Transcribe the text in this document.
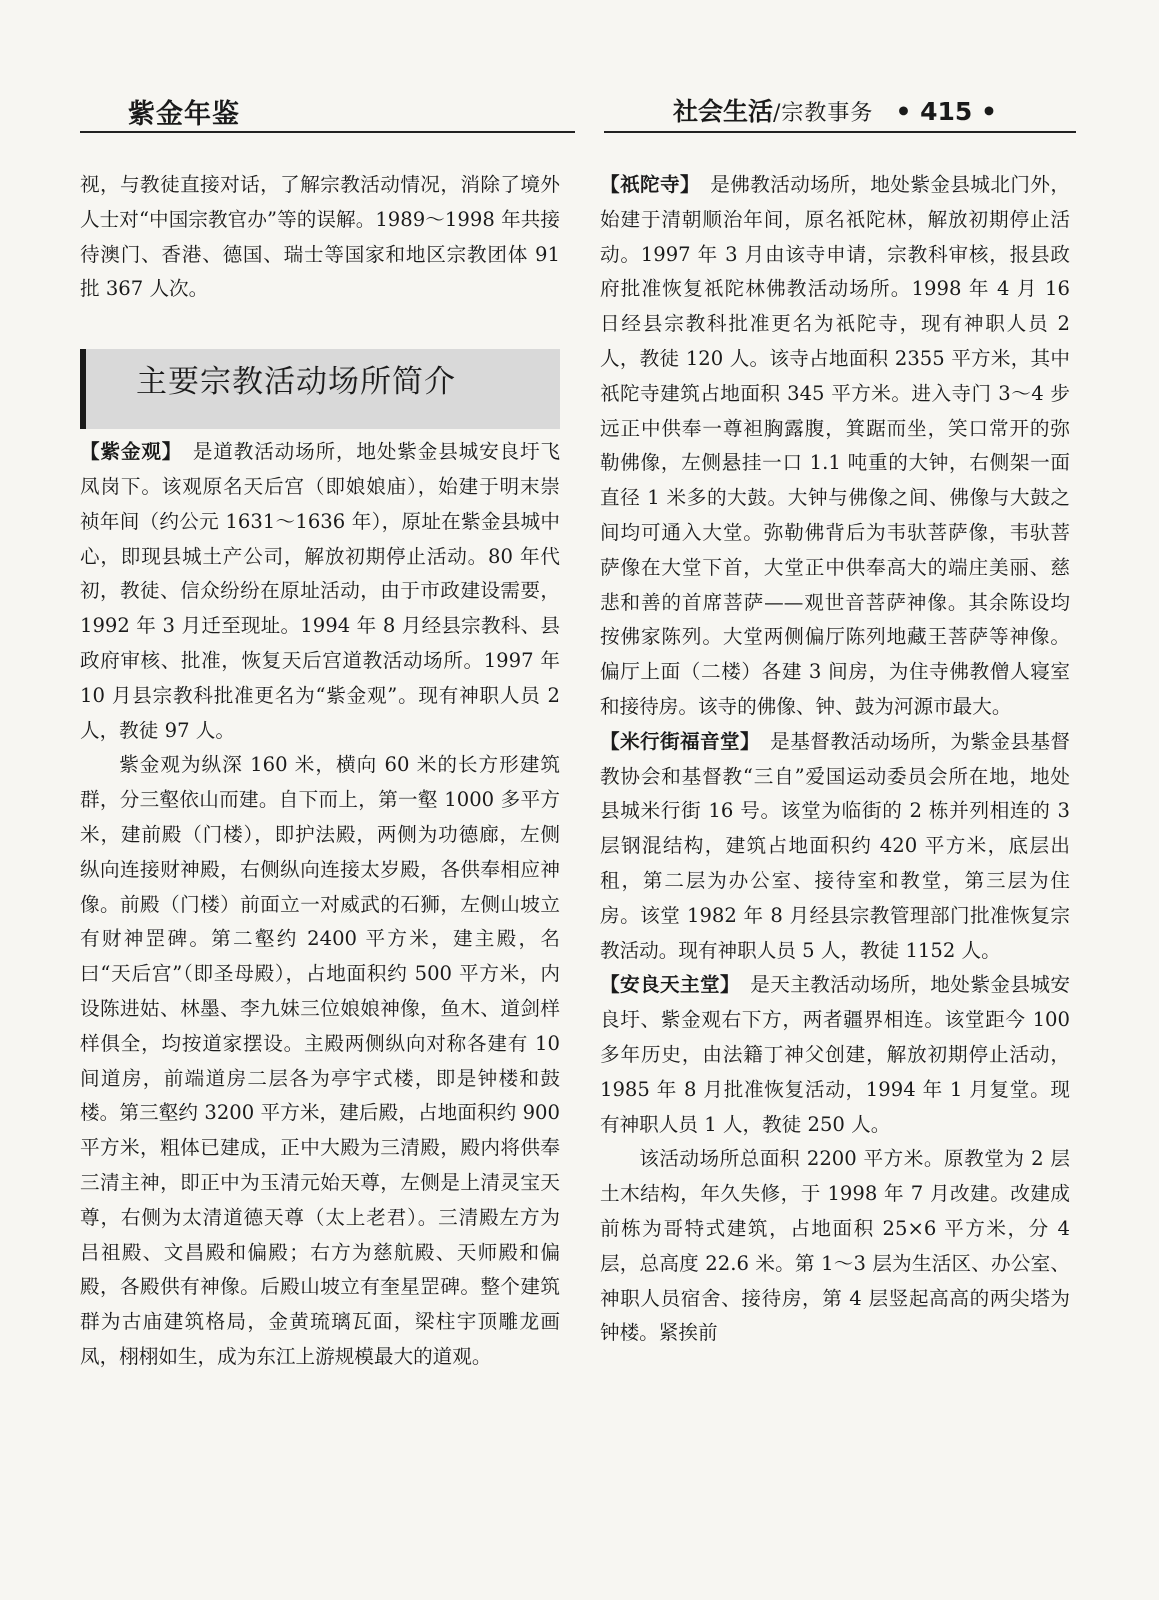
紫金年鉴	社会生活/宗教事务 • 415 •

视，与教徒直接对话，了解宗教活动情况，消除了境外人士对“中国宗教官办”等的误解。1989～1998 年共接待澳门、香港、德国、瑞士等国家和地区宗教团体 91 批 367 人次。

主要宗教活动场所简介

【紫金观】　是道教活动场所，地处紫金县城安良圩飞凤岗下。该观原名天后宫（即娘娘庙），始建于明末崇祯年间（约公元 1631～1636 年），原址在紫金县城中心，即现县城土产公司，解放初期停止活动。80 年代初，教徒、信众纷纷在原址活动，由于市政建设需要，1992 年 3 月迁至现址。1994 年 8 月经县宗教科、县政府审核、批准，恢复天后宫道教活动场所。1997 年 10 月县宗教科批准更名为“紫金观”。现有神职人员 2 人，教徒 97 人。

紫金观为纵深 160 米，横向 60 米的长方形建筑群，分三壑依山而建。自下而上，第一壑 1000 多平方米，建前殿（门楼），即护法殿，两侧为功德廊，左侧纵向连接财神殿，右侧纵向连接太岁殿，各供奉相应神像。前殿（门楼）前面立一对威武的石狮，左侧山坡立有财神罡碑。第二壑约 2400 平方米，建主殿，名曰“天后宫”（即圣母殿），占地面积约 500 平方米，内设陈进姑、林墨、李九妹三位娘娘神像，鱼木、道剑样样俱全，均按道家摆设。主殿两侧纵向对称各建有 10 间道房，前端道房二层各为亭宇式楼，即是钟楼和鼓楼。第三壑约 3200 平方米，建后殿，占地面积约 900 平方米，粗体已建成，正中大殿为三清殿，殿内将供奉三清主神，即正中为玉清元始天尊，左侧是上清灵宝天尊，右侧为太清道德天尊（太上老君）。三清殿左方为吕祖殿、文昌殿和偏殿；右方为慈航殿、天师殿和偏殿，各殿供有神像。后殿山坡立有奎星罡碑。整个建筑群为古庙建筑格局，金黄琉璃瓦面，梁柱宇顶雕龙画凤，栩栩如生，成为东江上游规模最大的道观。

【祇陀寺】　是佛教活动场所，地处紫金县城北门外，始建于清朝顺治年间，原名祇陀林，解放初期停止活动。1997 年 3 月由该寺申请，宗教科审核，报县政府批准恢复祇陀林佛教活动场所。1998 年 4 月 16 日经县宗教科批准更名为祇陀寺，现有神职人员 2 人，教徒 120 人。该寺占地面积 2355 平方米，其中祇陀寺建筑占地面积 345 平方米。进入寺门 3～4 步远正中供奉一尊袒胸露腹，箕踞而坐，笑口常开的弥勒佛像，左侧悬挂一口 1.1 吨重的大钟，右侧架一面直径 1 米多的大鼓。大钟与佛像之间、佛像与大鼓之间均可通入大堂。弥勒佛背后为韦驮菩萨像，韦驮菩萨像在大堂下首，大堂正中供奉高大的端庄美丽、慈悲和善的首席菩萨——观世音菩萨神像。其余陈设均按佛家陈列。大堂两侧偏厅陈列地藏王菩萨等神像。偏厅上面（二楼）各建 3 间房，为住寺佛教僧人寝室和接待房。该寺的佛像、钟、鼓为河源市最大。

【米行街福音堂】　是基督教活动场所，为紫金县基督教协会和基督教“三自”爱国运动委员会所在地，地处县城米行街 16 号。该堂为临街的 2 栋并列相连的 3 层钢混结构，建筑占地面积约 420 平方米，底层出租，第二层为办公室、接待室和教堂，第三层为住房。该堂 1982 年 8 月经县宗教管理部门批准恢复宗教活动。现有神职人员 5 人，教徒 1152 人。

【安良天主堂】　是天主教活动场所，地处紫金县城安良圩、紫金观右下方，两者疆界相连。该堂距今 100 多年历史，由法籍丁神父创建，解放初期停止活动，1985 年 8 月批准恢复活动，1994 年 1 月复堂。现有神职人员 1 人，教徒 250 人。

该活动场所总面积 2200 平方米。原教堂为 2 层土木结构，年久失修，于 1998 年 7 月改建。改建成前栋为哥特式建筑，占地面积 25×6 平方米，分 4 层，总高度 22.6 米。第 1～3 层为生活区、办公室、神职人员宿舍、接待房，第 4 层竖起高高的两尖塔为钟楼。紧挨前
